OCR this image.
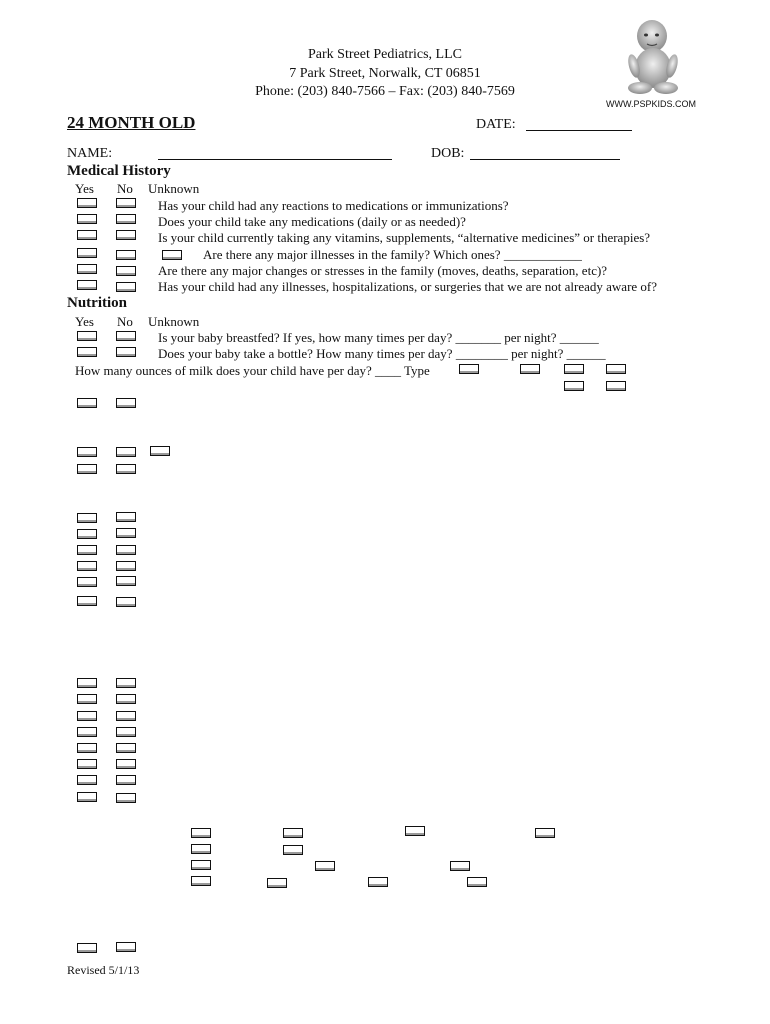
Park Street Pediatrics, LLC
7 Park Street, Norwalk, CT 06851
Phone: (203) 840-7566 – Fax: (203) 840-7569
WWW.PSPKIDS.COM
24 MONTH OLD	DATE:
NAME:	DOB:
Medical History
Yes No Unknown
Has your child had any reactions to medications or immunizations?
Does your child take any medications (daily or as needed)?
Is your child currently taking any vitamins, supplements, “alternative medicines” or therapies?
Are there any major illnesses in the family? Which ones? ____________
Are there any major changes or stresses in the family (moves, deaths, separation, etc)?
Has your child had any illnesses, hospitalizations, or surgeries that we are not already aware of?
Nutrition
Yes No Unknown
Is your baby breastfed? If yes, how many times per day? _______ per night? ______
Does your baby take a bottle? How many times per day? ________ per night? ______
How many ounces of milk does your child have per day? ____ Type
Revised 5/1/13
